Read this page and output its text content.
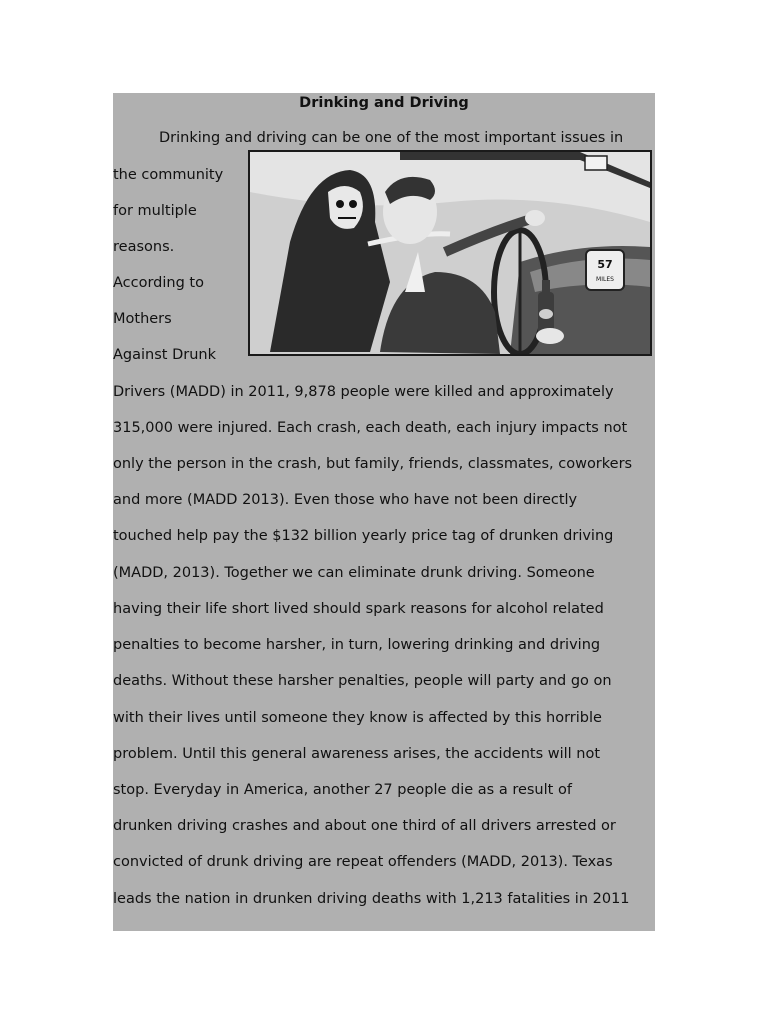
Drinking and Driving
Drinking and driving can be one of the most important issues in
the community
for multiple
reasons.
According to
Mothers
Against Drunk
Drivers (MADD) in 2011, 9,878 people were killed and approximately
315,000 were injured. Each crash, each death, each injury impacts not
only the person in the crash, but family, friends, classmates, coworkers
and more (MADD 2013). Even those who have not been directly
touched help pay the $132 billion yearly price tag of drunken driving
(MADD, 2013). Together we can eliminate drunk driving. Someone
having their life short lived should spark reasons for alcohol related
penalties to become harsher, in turn, lowering drinking and driving
deaths. Without these harsher penalties, people will party and go on
with their lives until someone they know is affected by this horrible
problem. Until this general awareness arises, the accidents will not
stop. Everyday in America, another 27 people die as a result of
drunken driving crashes and about one third of all drivers arrested or
convicted of drunk driving are repeat offenders (MADD, 2013). Texas
leads the nation in drunken driving deaths with 1,213 fatalities in 2011
57
MILES
